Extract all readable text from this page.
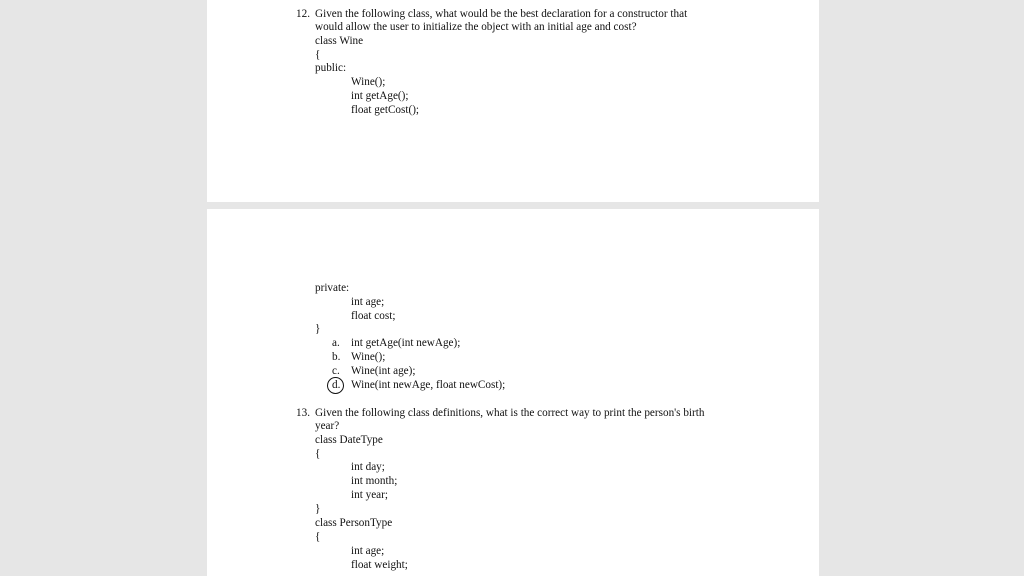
12. Given the following class, what would be the best declaration for a constructor that
would allow the user to initialize the object with an initial age and cost?
class Wine
{
public:
Wine();
int getAge();
float getCost();
private:
int age;
float cost;
}
a. int getAge(int newAge);
b. Wine();
c. Wine(int age);
d. Wine(int newAge, float newCost);
13. Given the following class definitions, what is the correct way to print the person's birth
year?
class DateType
{
int day;
int month;
int year;
}
class PersonType
{
int age;
float weight;
